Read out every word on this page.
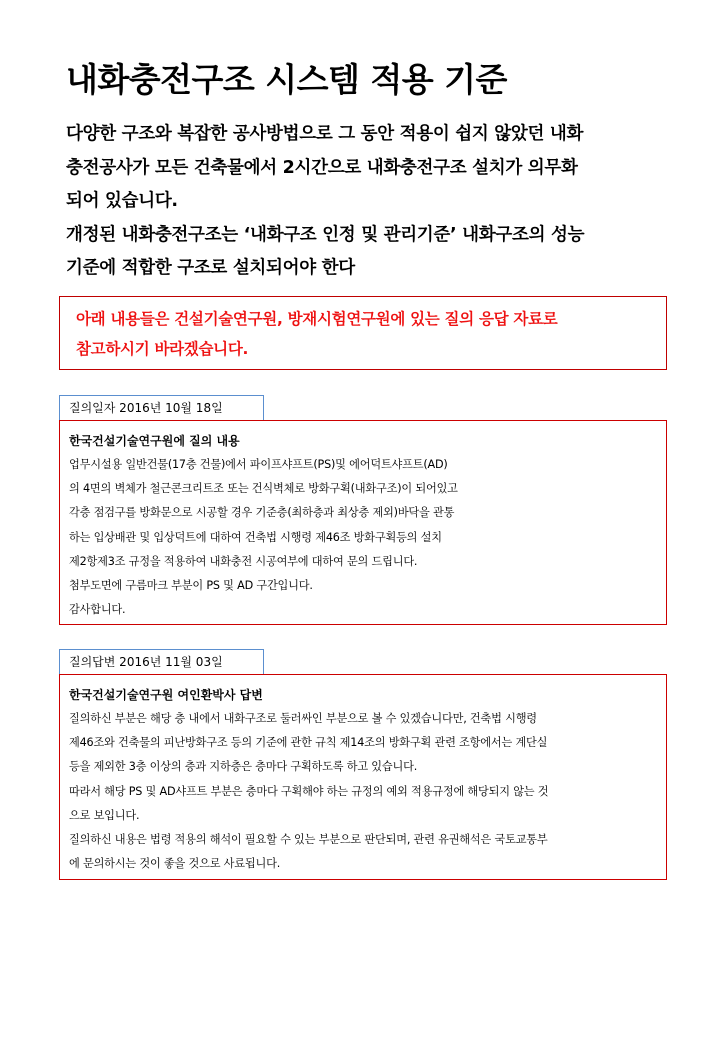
내화충전구조 시스템 적용 기준

다양한 구조와 복잡한 공사방법으로 그 동안 적용이 쉽지 않았던 내화

충전공사가 모든 건축물에서 2시간으로 내화충전구조 설치가 의무화

되어 있습니다.

개정된 내화충전구조는 ‘내화구조 인정 및 관리기준’ 내화구조의 성능

기준에 적합한 구조로 설치되어야 한다

아래 내용들은 건설기술연구원, 방재시험연구원에 있는 질의 응답 자료로

참고하시기 바라겠습니다.

질의일자 2016년 10월 18일
한국건설기술연구원에 질의 내용

업무시설용 일반건물(17층 건물)에서 파이프샤프트(PS)및 에어덕트샤프트(AD)

의 4면의 벽체가 철근콘크리트조 또는 건식벽체로 방화구획(내화구조)이 되어있고

각층 점검구를 방화문으로 시공할 경우 기준층(최하층과 최상층 제외)바닥을 관통

하는 입상배관 및 입상덕트에 대하여 건축법 시행령 제46조 방화구획등의 설치

제2항제3조 규정을 적용하여 내화충전 시공여부에 대하여 문의 드립니다.

첨부도면에 구름마크 부분이 PS 및 AD 구간입니다.

감사합니다.

질의답변 2016년 11월 03일
한국건설기술연구원 여인환박사 답변

질의하신 부분은 해당 층 내에서 내화구조로 둘러싸인 부분으로 볼 수 있겠습니다만, 건축법 시행령

제46조와 건축물의 피난방화구조 등의 기준에 관한 규칙 제14조의 방화구획 관련 조항에서는 계단실

등을 제외한 3층 이상의 층과 지하층은 층마다 구획하도록 하고 있습니다.

따라서 해당 PS 및 AD샤프트 부분은 층마다 구획해야 하는 규정의 예외 적용규정에 해당되지 않는 것

으로 보입니다.

질의하신 내용은 법령 적용의 해석이 필요할 수 있는 부분으로 판단되며, 관련 유권해석은 국토교통부

에 문의하시는 것이 좋을 것으로 사료됩니다.
